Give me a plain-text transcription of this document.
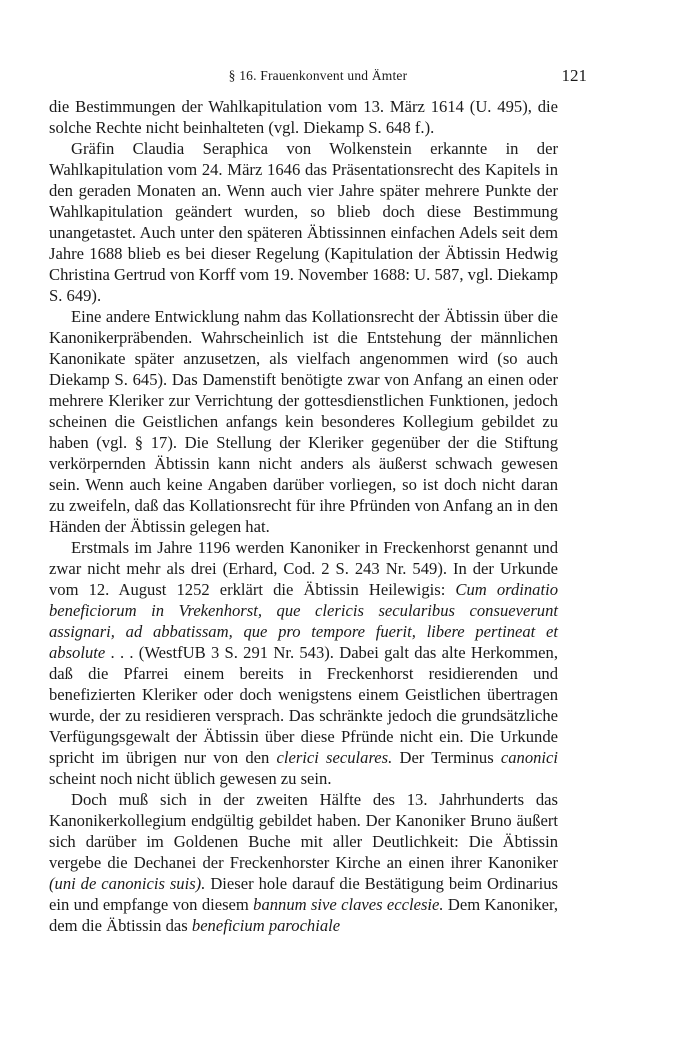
§ 16. Frauenkonvent und Ämter	121

die Bestimmungen der Wahlkapitulation vom 13. März 1614 (U. 495), die solche Rechte nicht beinhalteten (vgl. Diekamp S. 648 f.).

Gräfin Claudia Seraphica von Wolkenstein erkannte in der Wahlkapitulation vom 24. März 1646 das Präsentationsrecht des Kapitels in den geraden Monaten an. Wenn auch vier Jahre später mehrere Punkte der Wahlkapitulation geändert wurden, so blieb doch diese Bestimmung unangetastet. Auch unter den späteren Äbtissinnen einfachen Adels seit dem Jahre 1688 blieb es bei dieser Regelung (Kapitulation der Äbtissin Hedwig Christina Gertrud von Korff vom 19. November 1688: U. 587, vgl. Diekamp S. 649).

Eine andere Entwicklung nahm das Kollationsrecht der Äbtissin über die Kanonikerpräbenden. Wahrscheinlich ist die Entstehung der männlichen Kanonikate später anzusetzen, als vielfach angenommen wird (so auch Diekamp S. 645). Das Damenstift benötigte zwar von Anfang an einen oder mehrere Kleriker zur Verrichtung der gottesdienstlichen Funktionen, jedoch scheinen die Geistlichen anfangs kein besonderes Kollegium gebildet zu haben (vgl. § 17). Die Stellung der Kleriker gegenüber der die Stiftung verkörpernden Äbtissin kann nicht anders als äußerst schwach gewesen sein. Wenn auch keine Angaben darüber vorliegen, so ist doch nicht daran zu zweifeln, daß das Kollationsrecht für ihre Pfründen von Anfang an in den Händen der Äbtissin gelegen hat.

Erstmals im Jahre 1196 werden Kanoniker in Freckenhorst genannt und zwar nicht mehr als drei (Erhard, Cod. 2 S. 243 Nr. 549). In der Urkunde vom 12. August 1252 erklärt die Äbtissin Heilewigis: Cum ordinatio beneficiorum in Vrekenhorst, que clericis secularibus consueverunt assignari, ad abbatissam, que pro tempore fuerit, libere pertineat et absolute . . . (WestfUB 3 S. 291 Nr. 543). Dabei galt das alte Herkommen, daß die Pfarrei einem bereits in Freckenhorst residierenden und benefizierten Kleriker oder doch wenigstens einem Geistlichen übertragen wurde, der zu residieren versprach. Das schränkte jedoch die grundsätzliche Verfügungsgewalt der Äbtissin über diese Pfründe nicht ein. Die Urkunde spricht im übrigen nur von den clerici seculares. Der Terminus canonici scheint noch nicht üblich gewesen zu sein.

Doch muß sich in der zweiten Hälfte des 13. Jahrhunderts das Kanonikerkollegium endgültig gebildet haben. Der Kanoniker Bruno äußert sich darüber im Goldenen Buche mit aller Deutlichkeit: Die Äbtissin vergebe die Dechanei der Freckenhorster Kirche an einen ihrer Kanoniker (uni de canonicis suis). Dieser hole darauf die Bestätigung beim Ordinarius ein und empfange von diesem bannum sive claves ecclesie. Dem Kanoniker, dem die Äbtissin das beneficium parochiale
